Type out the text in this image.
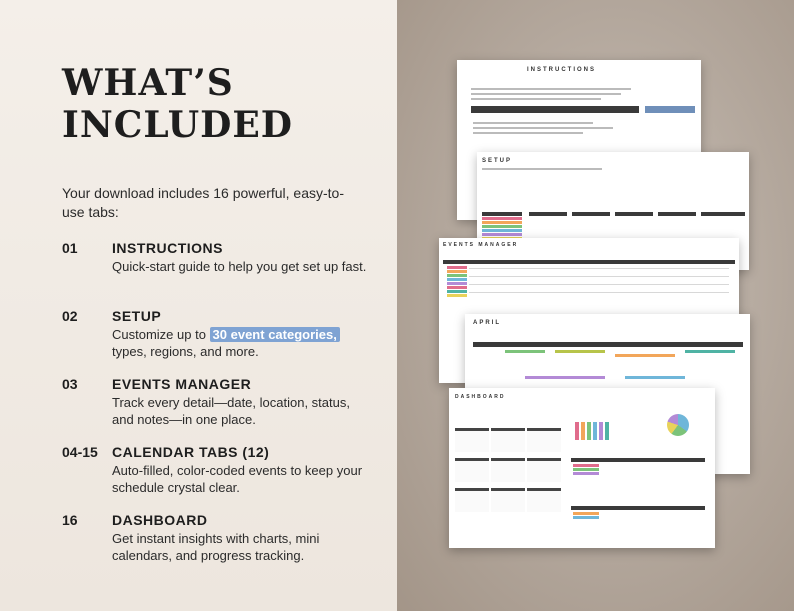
WHAT’S
INCLUDED
Your download includes 16 powerful, easy-to-use tabs:
01 INSTRUCTIONS
Quick-start guide to help you get set up fast.
02 SETUP
Customize up to 30 event categories, types, regions, and more.
03 EVENTS MANAGER
Track every detail—date, location, status, and notes—in one place.
04-15 CALENDAR TABS (12)
Auto-filled, color-coded events to keep your schedule crystal clear.
16 DASHBOARD
Get instant insights with charts, mini calendars, and progress tracking.
INSTRUCTIONS
SETUP
EVENTS MANAGER
APRIL
DASHBOARD
